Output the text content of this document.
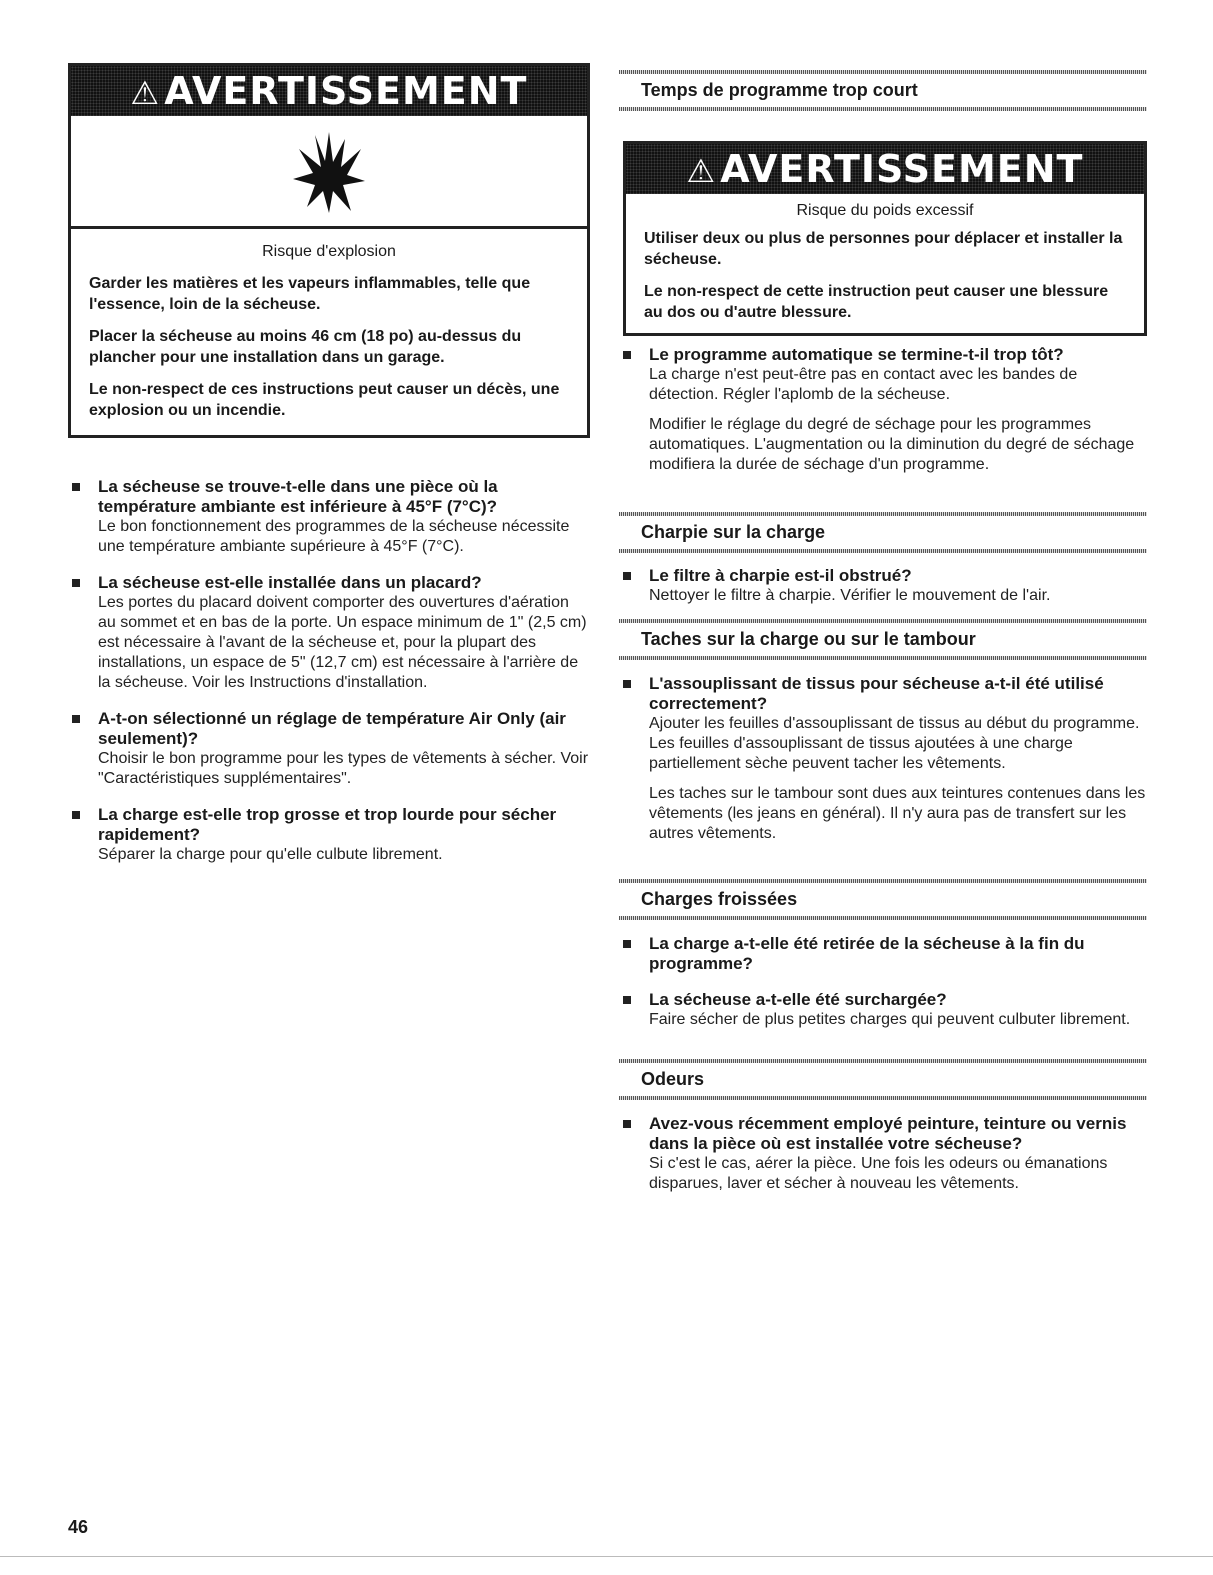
⚠ AVERTISSEMENT

Risque d'explosion

Garder les matières et les vapeurs inflammables, telle que l'essence, loin de la sécheuse.

Placer la sécheuse au moins 46 cm (18 po) au-dessus du plancher pour une installation dans un garage.

Le non-respect de ces instructions peut causer un décès, une explosion ou un incendie.

La sécheuse se trouve-t-elle dans une pièce où la température ambiante est inférieure à 45°F (7°C)?

Le bon fonctionnement des programmes de la sécheuse nécessite une température ambiante supérieure à 45°F (7°C).

La sécheuse est-elle installée dans un placard?

Les portes du placard doivent comporter des ouvertures d'aération au sommet et en bas de la porte. Un espace minimum de 1" (2,5 cm) est nécessaire à l'avant de la sécheuse et, pour la plupart des installations, un espace de 5" (12,7 cm) est nécessaire à l'arrière de la sécheuse. Voir les Instructions d'installation.

A-t-on sélectionné un réglage de température Air Only (air seulement)?

Choisir le bon programme pour les types de vêtements à sécher. Voir "Caractéristiques supplémentaires".

La charge est-elle trop grosse et trop lourde pour sécher rapidement?

Séparer la charge pour qu'elle culbute librement.

Temps de programme trop court
⚠ AVERTISSEMENT

Risque du poids excessif

Utiliser deux ou plus de personnes pour déplacer et installer la sécheuse.

Le non-respect de cette instruction peut causer une blessure au dos ou d'autre blessure.

Le programme automatique se termine-t-il trop tôt?

La charge n'est peut-être pas en contact avec les bandes de détection. Régler l'aplomb de la sécheuse.

Modifier le réglage du degré de séchage pour les programmes automatiques. L'augmentation ou la diminution du degré de séchage modifiera la durée de séchage d'un programme.

Charpie sur la charge

Le filtre à charpie est-il obstrué?

Nettoyer le filtre à charpie. Vérifier le mouvement de l'air.

Taches sur la charge ou sur le tambour

L'assouplissant de tissus pour sécheuse a-t-il été utilisé correctement?

Ajouter les feuilles d'assouplissant de tissus au début du programme. Les feuilles d'assouplissant de tissus ajoutées à une charge partiellement sèche peuvent tacher les vêtements.

Les taches sur le tambour sont dues aux teintures contenues dans les vêtements (les jeans en général). Il n'y aura pas de transfert sur les autres vêtements.

Charges froissées

La charge a-t-elle été retirée de la sécheuse à la fin du programme?

La sécheuse a-t-elle été surchargée?

Faire sécher de plus petites charges qui peuvent culbuter librement.

Odeurs

Avez-vous récemment employé peinture, teinture ou vernis dans la pièce où est installée votre sécheuse?

Si c'est le cas, aérer la pièce. Une fois les odeurs ou émanations disparues, laver et sécher à nouveau les vêtements.

46
